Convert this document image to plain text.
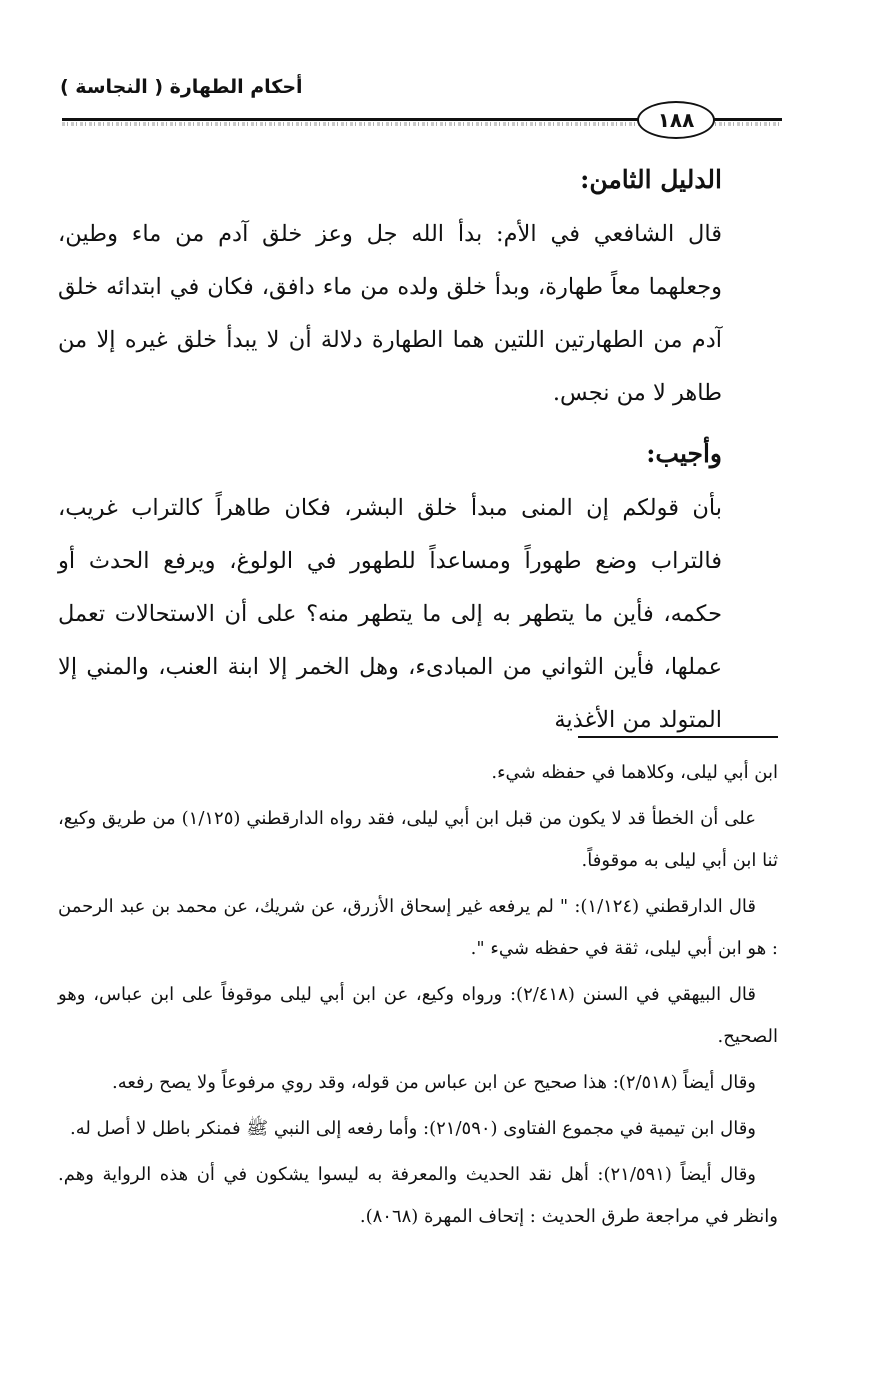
أحكام الطهارة ( النجاسة )
١٨٨

الدليل الثامن:

قال الشافعي في الأم: بدأ الله جل وعز خلق آدم من ماء وطين، وجعلهما معاً طهارة، وبدأ خلق ولده من ماء دافق، فكان في ابتدائه خلق آدم من الطهارتين اللتين هما الطهارة دلالة أن لا يبدأ خلق غيره إلا من طاهر لا من نجس.

وأجيب:

بأن قولكم إن المنى مبدأ خلق البشر، فكان طاهراً كالتراب غريب، فالتراب وضع طهوراً ومساعداً للطهور في الولوغ، ويرفع الحدث أو حكمه، فأين ما يتطهر به إلى ما يتطهر منه؟ على أن الاستحالات تعمل عملها، فأين الثواني من المبادىء، وهل الخمر إلا ابنة العنب، والمني إلا المتولد من الأغذية

ابن أبي ليلى، وكلاهما في حفظه شيء.

على أن الخطأ قد لا يكون من قبل ابن أبي ليلى، فقد رواه الدارقطني (١/١٢٥) من طريق وكيع، ثنا ابن أبي ليلى به موقوفاً.

قال الدارقطني (١/١٢٤): " لم يرفعه غير إسحاق الأزرق، عن شريك، عن محمد بن عبد الرحمن : هو ابن أبي ليلى، ثقة في حفظه شيء ".

قال البيهقي في السنن (٢/٤١٨): ورواه وكيع، عن ابن أبي ليلى موقوفاً على ابن عباس، وهو الصحيح.

وقال أيضاً (٢/٥١٨): هذا صحيح عن ابن عباس من قوله، وقد روي مرفوعاً ولا يصح رفعه.

وقال ابن تيمية في مجموع الفتاوى (٢١/٥٩٠): وأما رفعه إلى النبي ﷺ فمنكر باطل لا أصل له.

وقال أيضاً (٢١/٥٩١): أهل نقد الحديث والمعرفة به ليسوا يشكون في أن هذه الرواية وهم. وانظر في مراجعة طرق الحديث : إتحاف المهرة (٨٠٦٨).
